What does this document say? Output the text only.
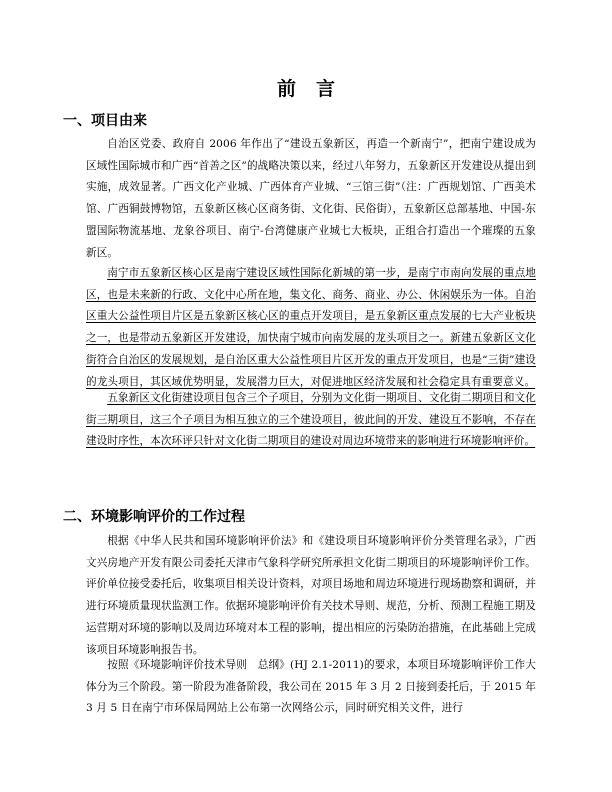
前言
一、项目由来
自治区党委、政府自 2006 年作出了“建设五象新区，再造一个新南宁”，把南宁建设成为区域性国际城市和广西“首善之区”的战略决策以来，经过八年努力，五象新区开发建设从提出到实施，成效显著。广西文化产业城、广西体育产业城、“三馆三街”（注：广西规划馆、广西美术馆、广西铜鼓博物馆，五象新区核心区商务街、文化街、民俗街），五象新区总部基地、中国-东盟国际物流基地、龙象谷项目、南宁-台湾健康产业城七大板块，正组合打造出一个璀璨的五象新区。
南宁市五象新区核心区是南宁建设区域性国际化新城的第一步，是南宁市南向发展的重点地区，也是未来新的行政、文化中心所在地，集文化、商务、商业、办公、休闲娱乐为一体。自治区重大公益性项目片区是五象新区核心区的重点开发项目，是五象新区重点发展的七大产业板块之一，也是带动五象新区开发建设，加快南宁城市向南发展的龙头项目之一。新建五象新区文化街符合自治区的发展规划，是自治区重大公益性项目片区开发的重点开发项目，也是“三街”建设的龙头项目，其区域优势明显，发展潜力巨大，对促进地区经济发展和社会稳定具有重要意义。
五象新区文化街建设项目包含三个子项目，分别为文化街一期项目、文化街二期项目和文化街三期项目，这三个子项目为相互独立的三个建设项目，彼此间的开发、建设互不影响，不存在建设时序性，本次环评只针对文化街二期项目的建设对周边环境带来的影响进行环境影响评价。
二、环境影响评价的工作过程
根据《中华人民共和国环境影响评价法》和《建设项目环境影响评价分类管理名录》，广西文兴房地产开发有限公司委托天津市气象科学研究所承担文化街二期项目的环境影响评价工作。评价单位接受委托后，收集项目相关设计资料，对项目场地和周边环境进行现场勘察和调研，并进行环境质量现状监测工作。依据环境影响评价有关技术导则、规范，分析、预测工程施工期及运营期对环境的影响以及周边环境对本工程的影响，提出相应的污染防治措施，在此基础上完成该项目环境影响报告书。
按照《环境影响评价技术导则　总纲》(HJ 2.1-2011)的要求，本项目环境影响评价工作大体分为三个阶段。第一阶段为准备阶段，我公司在 2015 年 3 月 2 日接到委托后，于 2015 年 3 月 5 日在南宁市环保局网站上公布第一次网络公示，同时研究相关文件，进行
